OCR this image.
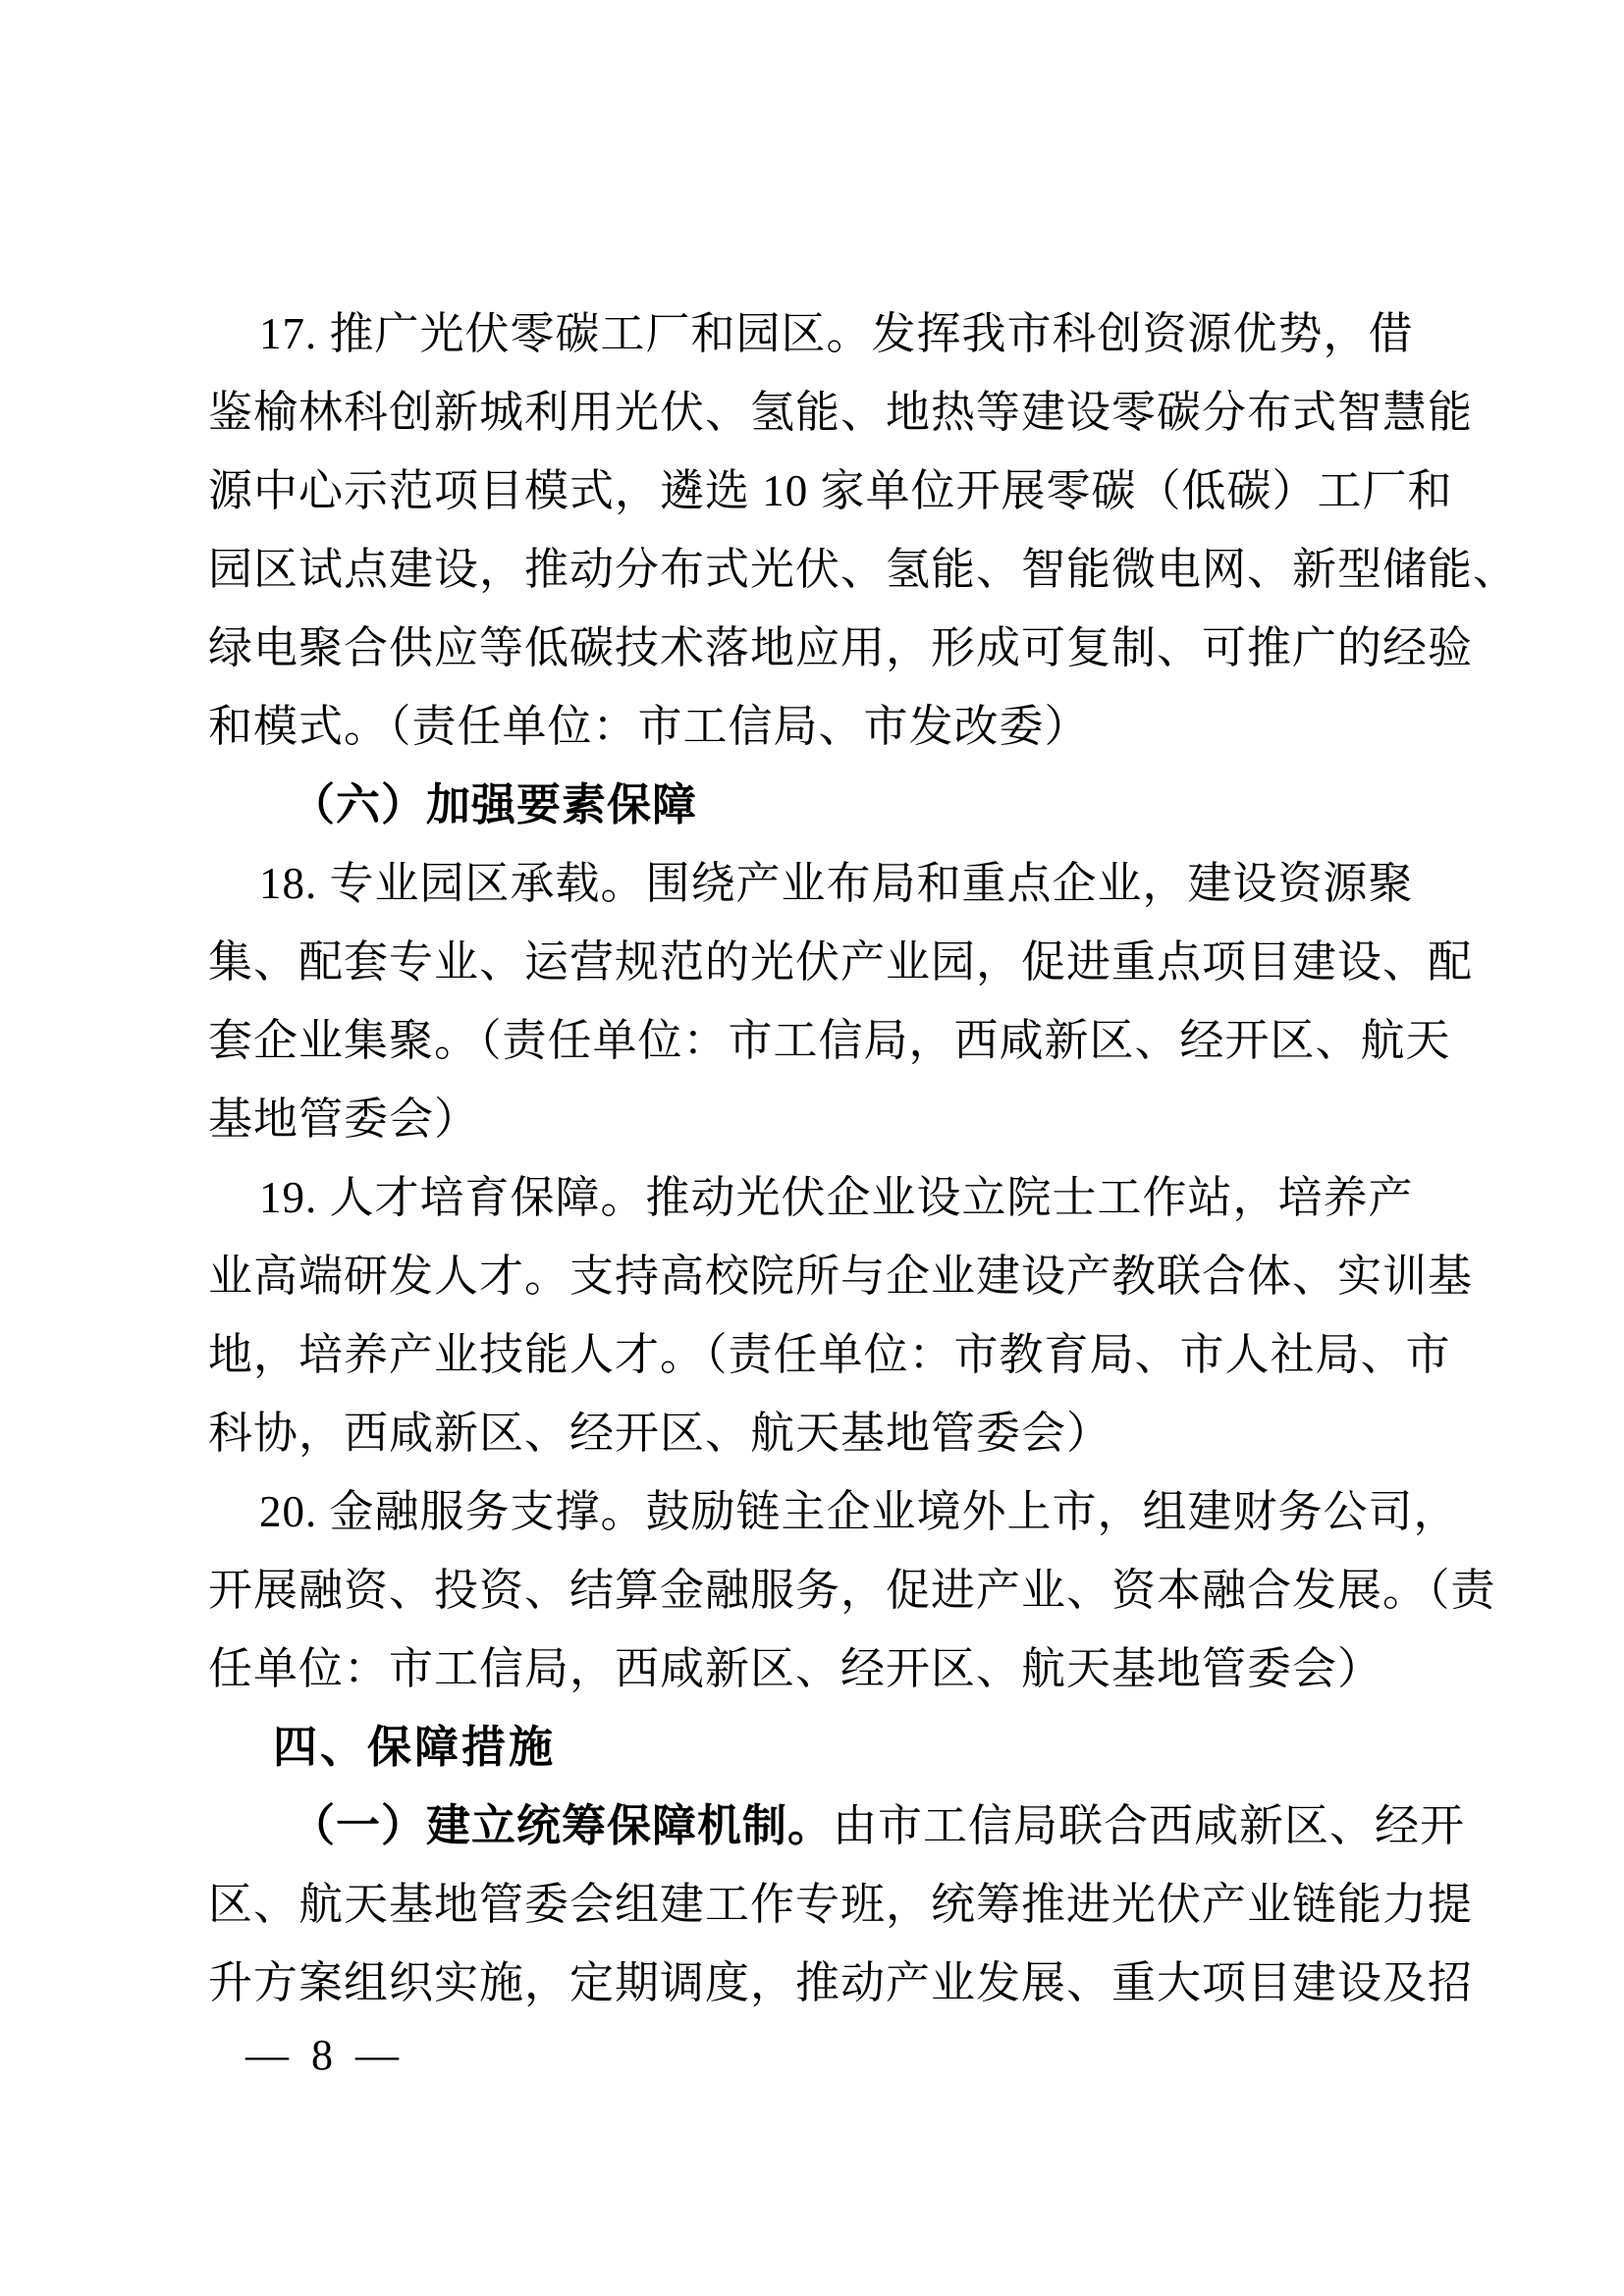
17. 推广光伏零碳工厂和园区。发挥我市科创资源优势，借
鉴榆林科创新城利用光伏、氢能、地热等建设零碳分布式智慧能
源中心示范项目模式，遴选 10 家单位开展零碳（低碳）工厂和
园区试点建设，推动分布式光伏、氢能、智能微电网、新型储能、
绿电聚合供应等低碳技术落地应用，形成可复制、可推广的经验
和模式。（责任单位：市工信局、市发改委）
（六）加强要素保障
18. 专业园区承载。围绕产业布局和重点企业，建设资源聚
集、配套专业、运营规范的光伏产业园，促进重点项目建设、配
套企业集聚。（责任单位：市工信局，西咸新区、经开区、航天
基地管委会）
19. 人才培育保障。推动光伏企业设立院士工作站，培养产
业高端研发人才。支持高校院所与企业建设产教联合体、实训基
地，培养产业技能人才。（责任单位：市教育局、市人社局、市
科协，西咸新区、经开区、航天基地管委会）
20. 金融服务支撑。鼓励链主企业境外上市，组建财务公司，
开展融资、投资、结算金融服务，促进产业、资本融合发展。（责
任单位：市工信局，西咸新区、经开区、航天基地管委会）
四、保障措施
（一）建立统筹保障机制。由市工信局联合西咸新区、经开
区、航天基地管委会组建工作专班，统筹推进光伏产业链能力提
升方案组织实施，定期调度，推动产业发展、重大项目建设及招
— 8 —
